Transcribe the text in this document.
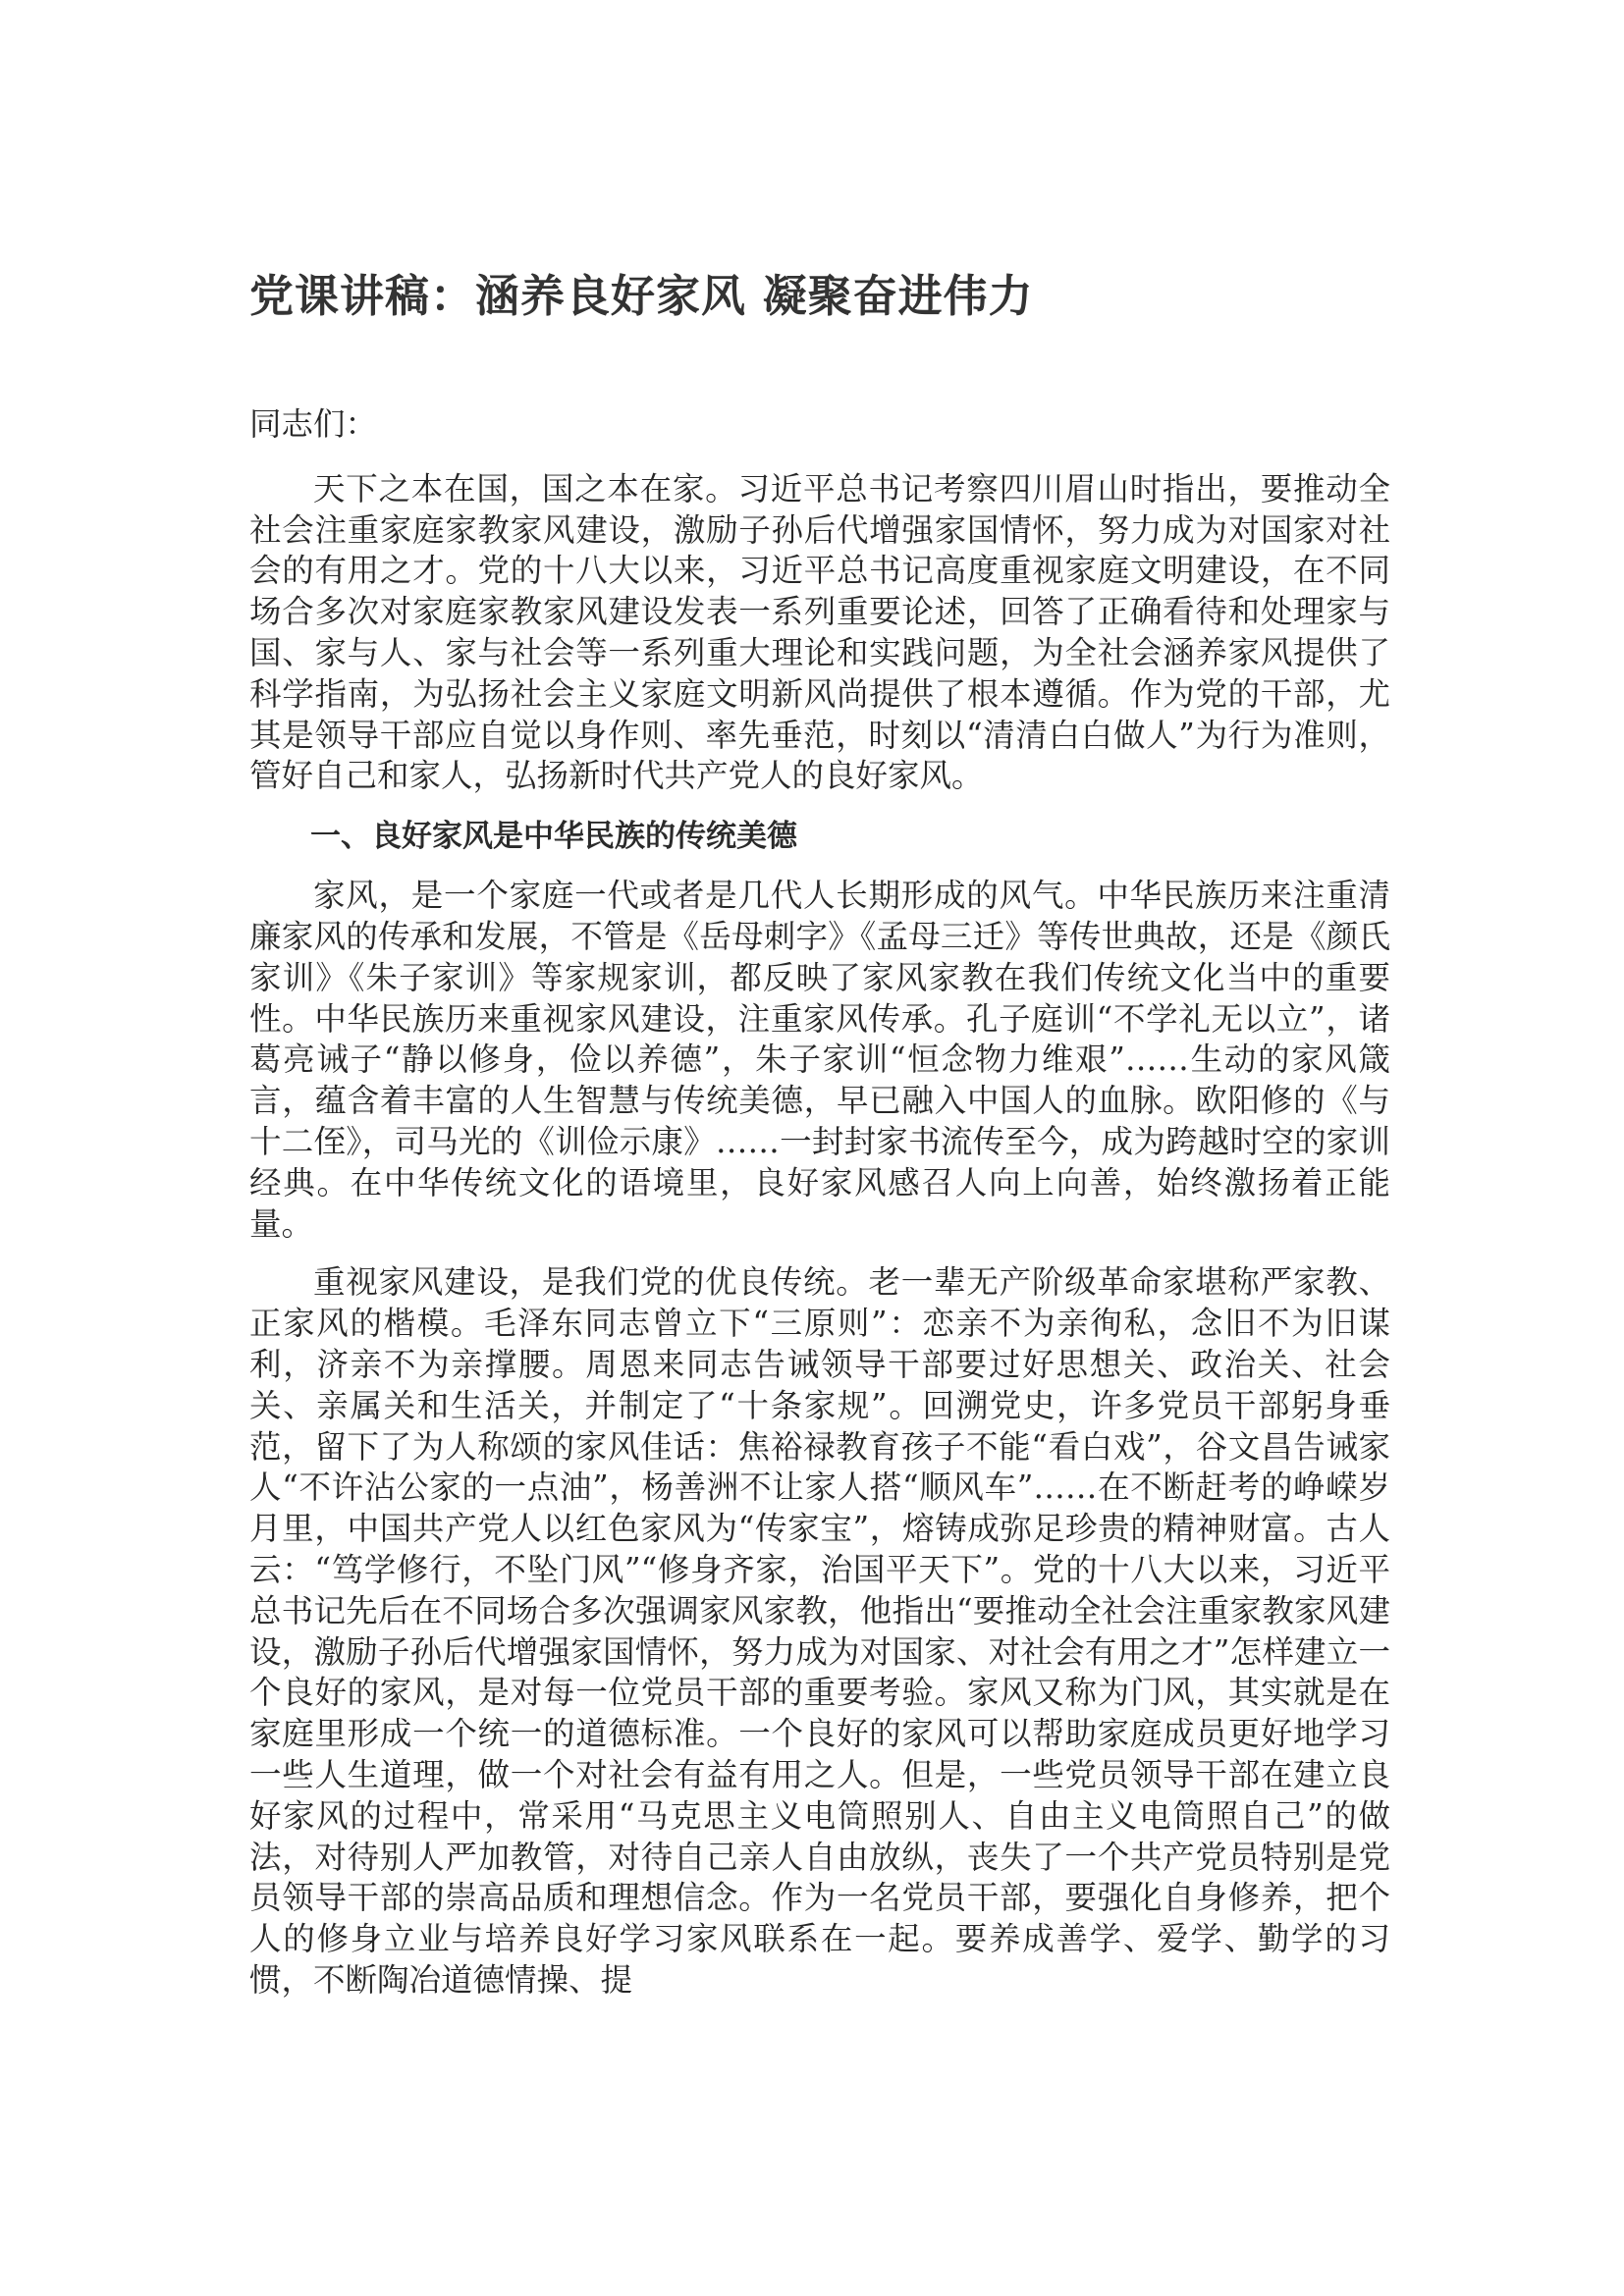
党课讲稿：涵养良好家风 凝聚奋进伟力

同志们：

天下之本在国，国之本在家。习近平总书记考察四川眉山时指出，要推动全社会注重家庭家教家风建设，激励子孙后代增强家国情怀，努力成为对国家对社会的有用之才。党的十八大以来，习近平总书记高度重视家庭文明建设，在不同场合多次对家庭家教家风建设发表一系列重要论述，回答了正确看待和处理家与国、家与人、家与社会等一系列重大理论和实践问题，为全社会涵养家风提供了科学指南，为弘扬社会主义家庭文明新风尚提供了根本遵循。作为党的干部，尤其是领导干部应自觉以身作则、率先垂范，时刻以“清清白白做人”为行为准则，管好自己和家人，弘扬新时代共产党人的良好家风。

一、良好家风是中华民族的传统美德

家风，是一个家庭一代或者是几代人长期形成的风气。中华民族历来注重清廉家风的传承和发展，不管是《岳母刺字》《孟母三迁》等传世典故，还是《颜氏家训》《朱子家训》等家规家训，都反映了家风家教在我们传统文化当中的重要性。中华民族历来重视家风建设，注重家风传承。孔子庭训“不学礼无以立”，诸葛亮诫子“静以修身，俭以养德”，朱子家训“恒念物力维艰”……生动的家风箴言，蕴含着丰富的人生智慧与传统美德，早已融入中国人的血脉。欧阳修的《与十二侄》，司马光的《训俭示康》……一封封家书流传至今，成为跨越时空的家训经典。在中华传统文化的语境里，良好家风感召人向上向善，始终激扬着正能量。

重视家风建设，是我们党的优良传统。老一辈无产阶级革命家堪称严家教、正家风的楷模。毛泽东同志曾立下“三原则”：恋亲不为亲徇私，念旧不为旧谋利，济亲不为亲撑腰。周恩来同志告诫领导干部要过好思想关、政治关、社会关、亲属关和生活关，并制定了“十条家规”。回溯党史，许多党员干部躬身垂范，留下了为人称颂的家风佳话：焦裕禄教育孩子不能“看白戏”，谷文昌告诫家人“不许沾公家的一点油”，杨善洲不让家人搭“顺风车”……在不断赶考的峥嵘岁月里，中国共产党人以红色家风为“传家宝”，熔铸成弥足珍贵的精神财富。古人云：“笃学修行，不坠门风”“修身齐家，治国平天下”。党的十八大以来，习近平总书记先后在不同场合多次强调家风家教，他指出“要推动全社会注重家教家风建设，激励子孙后代增强家国情怀，努力成为对国家、对社会有用之才”怎样建立一个良好的家风，是对每一位党员干部的重要考验。家风又称为门风，其实就是在家庭里形成一个统一的道德标准。一个良好的家风可以帮助家庭成员更好地学习一些人生道理，做一个对社会有益有用之人。但是，一些党员领导干部在建立良好家风的过程中，常采用“马克思主义电筒照别人、自由主义电筒照自己”的做法，对待别人严加教管，对待自己亲人自由放纵，丧失了一个共产党员特别是党员领导干部的崇高品质和理想信念。作为一名党员干部，要强化自身修养，把个人的修身立业与培养良好学习家风联系在一起。要养成善学、爱学、勤学的习惯，不断陶冶道德情操、提
